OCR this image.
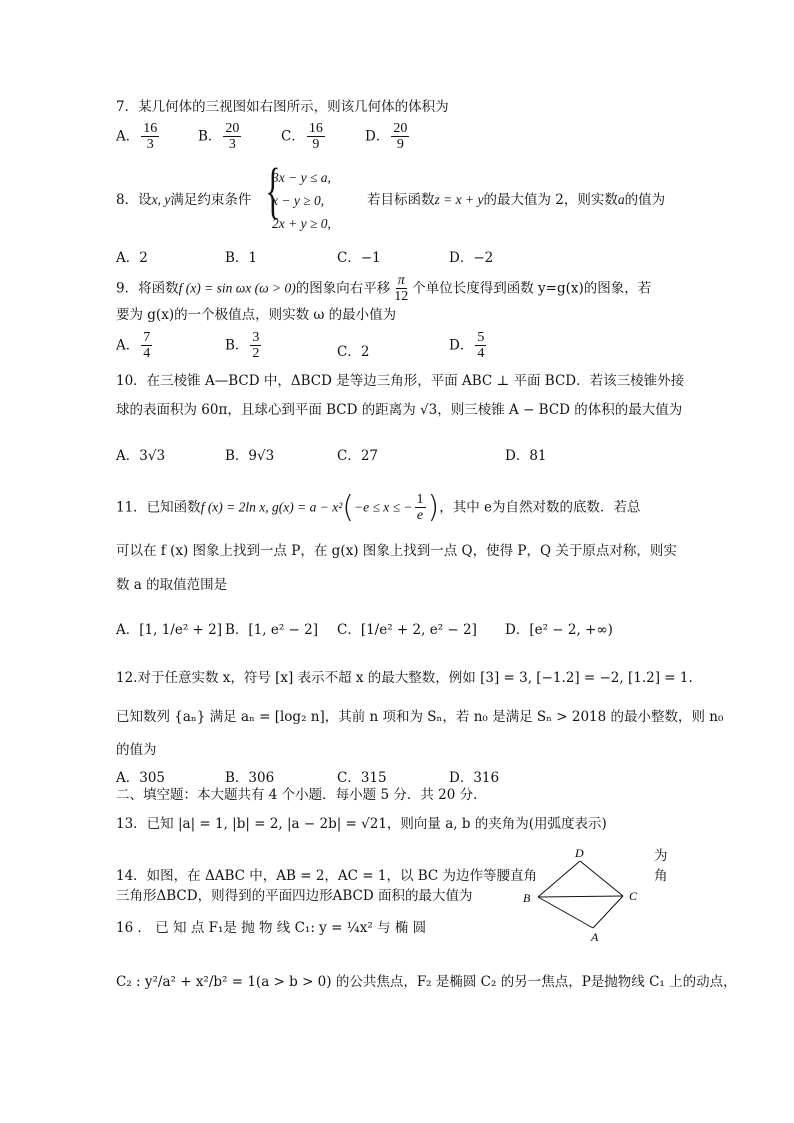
7．某几何体的三视图如右图所示，则该几何体的体积为
A． $\frac{16}{3}$	B． $\frac{20}{3}$	C． $\frac{16}{9}$	D． $\frac{20}{9}$
8．设x, y满足约束条件 {
3x − y ≤ a,
x − y ≥ 0,
2x + y ≥ 0,
若目标函数z = x + y的最大值为 2，则实数a的值为
A．2	B．1	C．−1	D．−2
9．将函数f (x) = sin ωx (ω > 0)的图象向右平移 $\frac{\pi}{12}$ 个单位长度得到函数 y=g(x)的图象，若
要为 g(x)的一个极值点，则实数 ω 的最小值为
A． $\frac{7}{4}$	B． $\frac{3}{2}$	C．2	D． $\frac{5}{4}$
10．在三棱锥 A—BCD 中，ΔBCD 是等边三角形，平面 ABC ⊥ 平面 BCD．若该三棱锥外接
球的表面积为 60π，且球心到平面 BCD 的距离为 √3，则三棱锥 A − BCD 的体积的最大值为
A．3√3	B．9√3	C．27	D．81
11．已知函数f (x) = 2ln x, g(x) = a − x²(−e ≤ x ≤ − $\frac{1}{e}$ )，其中 e为自然对数的底数．若总
可以在 f (x) 图象上找到一点 P，在 g(x) 图象上找到一点 Q，使得 P，Q 关于原点对称，则实
数 a 的取值范围是
A．[1, 1/e² + 2] B．[1, e² − 2] C．[1/e² + 2, e² − 2] D．[e² − 2, +∞)
12.对于任意实数 x，符号 [x] 表示不超 x 的最大整数，例如 [3] = 3, [−1.2] = −2, [1.2] = 1.
已知数列 {aₙ} 满足 aₙ = [log₂ n]，其前 n 项和为 Sₙ，若 n₀ 是满足 Sₙ > 2018 的最小整数，则 n₀
的值为
A．305	B．306	C．315	D．316
二、填空题：本大题共有 4 个小题．每小题 5 分．共 20 分．
13．已知 |a| = 1, |b| = 2, |a − 2b| = √21，则向量 a, b 的夹角为(用弧度表示)
14．如图，在 ΔABC 中，AB = 2，AC = 1，以 BC 为边作等腰直角
为
角
三角形ΔBCD，则得到的平面四边形ABCD 面积的最大值为
D
B	C
A
16 ． 已 知 点 F₁是 抛 物 线 C₁: y = ¼x² 与 椭 圆
C₂ : y²/a² + x²/b² = 1(a > b > 0) 的公共焦点，F₂ 是椭圆 C₂ 的另一焦点，P是抛物线 C₁ 上的动点，
